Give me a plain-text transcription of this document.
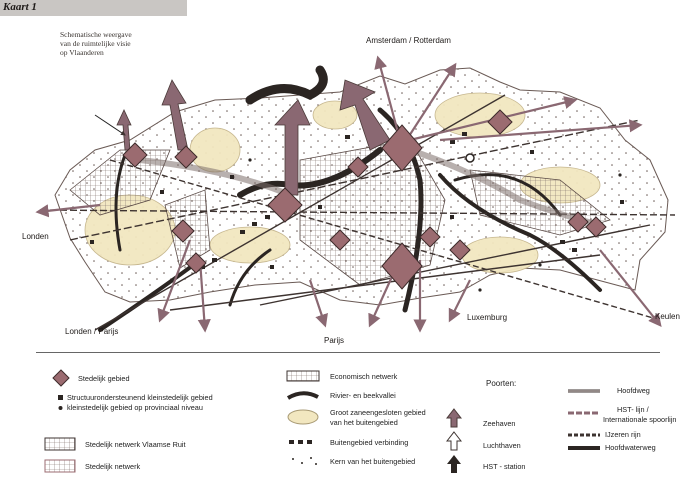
Kaart 1
Schematische weergave
van de ruimtelijke visie
op Vlaanderen
Amsterdam / Rotterdam
Londen
Londen / Parijs
Parijs
Luxemburg	Keulen
Stedelijk gebied
Structuurondersteunend kleinstedelijk gebied
kleinstedelijk gebied op provinciaal niveau
Stedelijk netwerk Vlaamse Ruit
Stedelijk netwerk
Economisch netwerk
Rivier- en beekvallei
Groot zaneengesloten gebied
van het buitengebied
Buitengebied verbinding
Kern van het buitengebied
Poorten:
Zeehaven
Luchthaven
HST - station
Hoofdweg
HST- lijn /
Internationale spoorlijn
IJzeren rijn
Hoofdwaterweg
